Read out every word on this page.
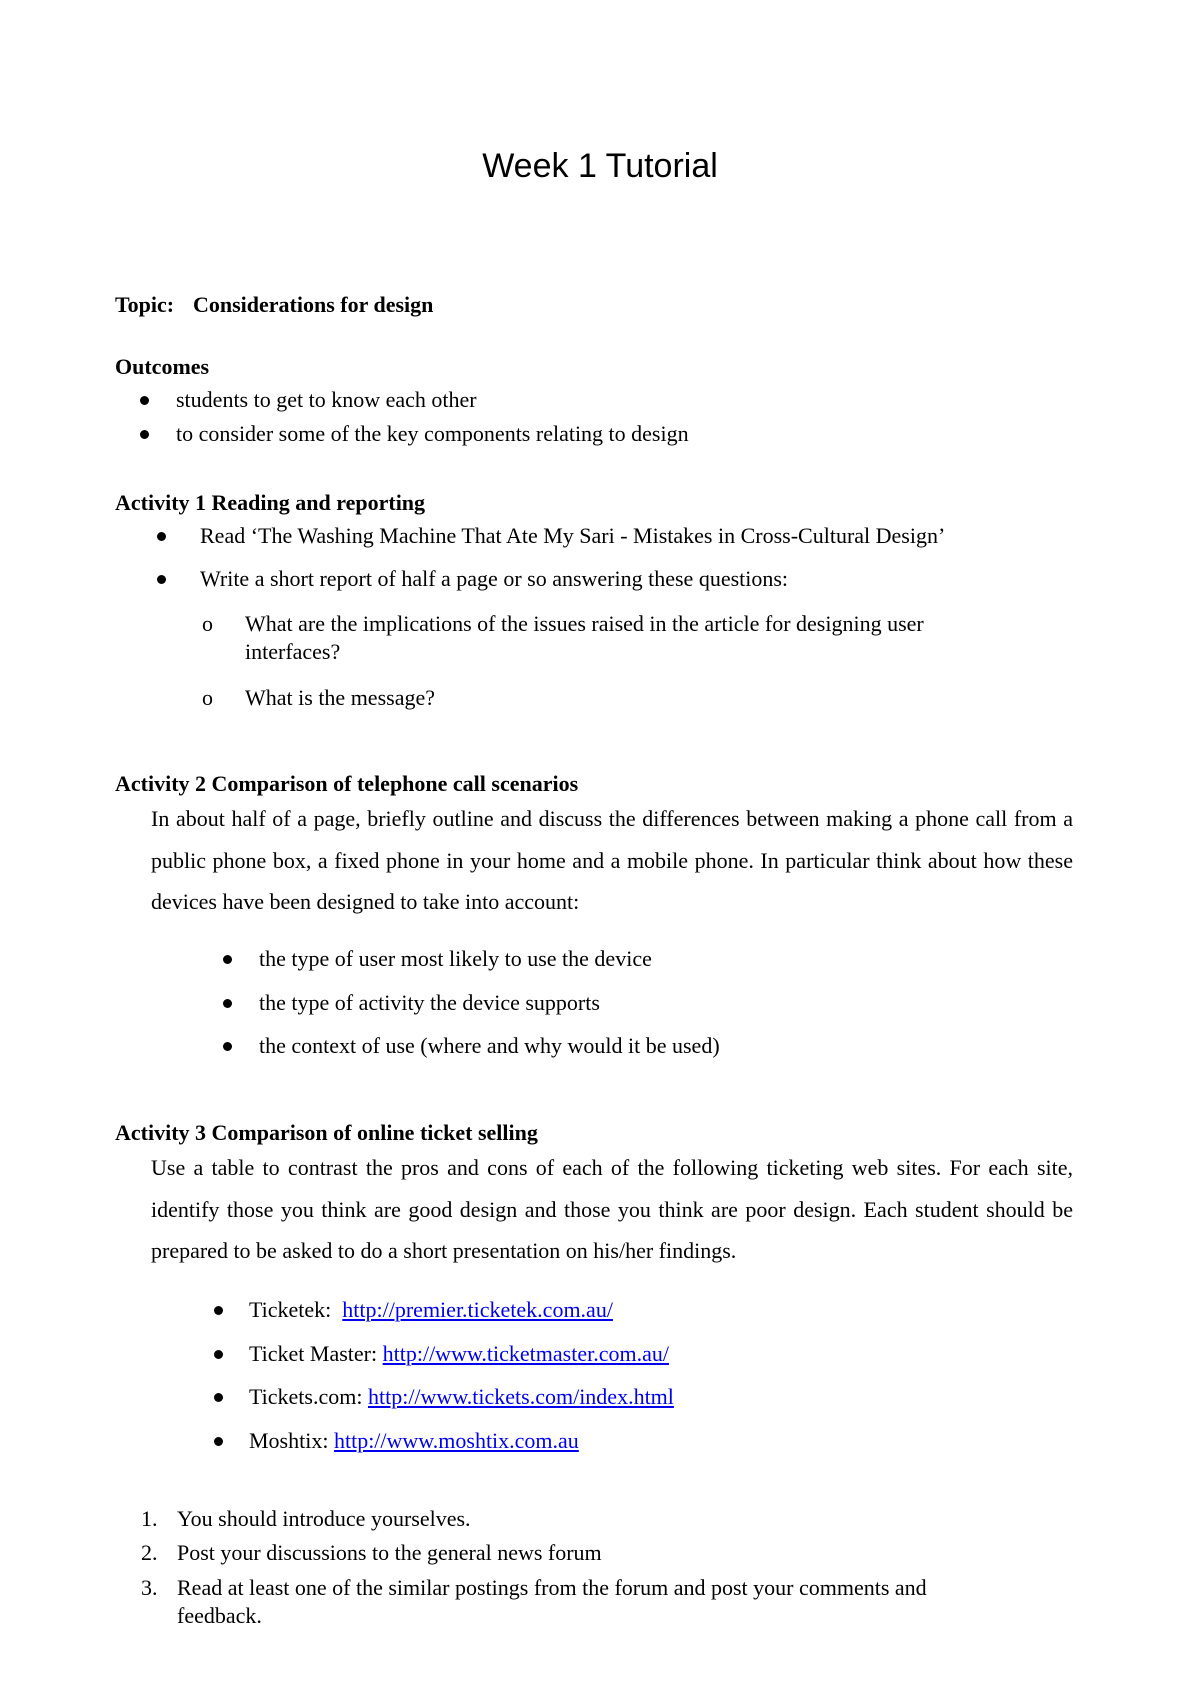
Week 1 Tutorial
Topic: Considerations for design
Outcomes
students to get to know each other
to consider some of the key components relating to design
Activity 1 Reading and reporting
Read ‘The Washing Machine That Ate My Sari - Mistakes in Cross-Cultural Design’
Write a short report of half a page or so answering these questions:
o What are the implications of the issues raised in the article for designing user
interfaces?
o What is the message?
Activity 2 Comparison of telephone call scenarios
In about half of a page, briefly outline and discuss the differences between making a phone call from a public phone box, a fixed phone in your home and a mobile phone. In particular think about how these devices have been designed to take into account:
the type of user most likely to use the device
the type of activity the device supports
the context of use (where and why would it be used)
Activity 3 Comparison of online ticket selling
Use a table to contrast the pros and cons of each of the following ticketing web sites. For each site, identify those you think are good design and those you think are poor design. Each student should be prepared to be asked to do a short presentation on his/her findings.
Ticketek: http://premier.ticketek.com.au/
Ticket Master: http://www.ticketmaster.com.au/
Tickets.com: http://www.tickets.com/index.html
Moshtix: http://www.moshtix.com.au
1. You should introduce yourselves.
2. Post your discussions to the general news forum
3. Read at least one of the similar postings from the forum and post your comments and
feedback.
